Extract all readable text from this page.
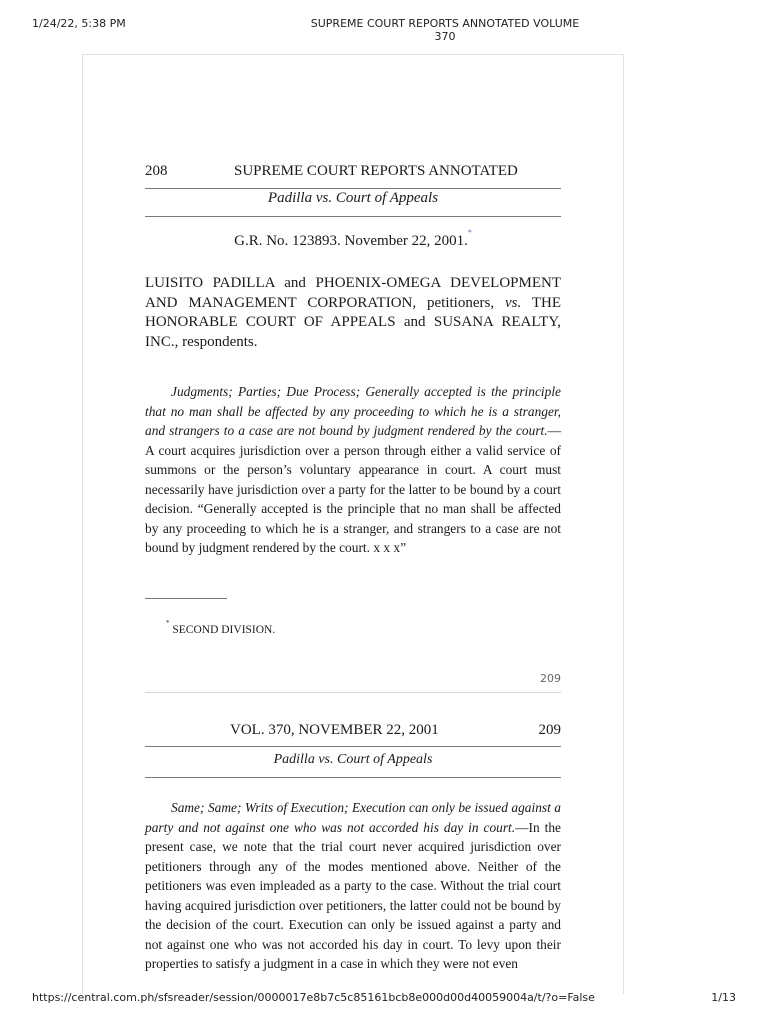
1/24/22, 5:38 PM	SUPREME COURT REPORTS ANNOTATED VOLUME 370
208	SUPREME COURT REPORTS ANNOTATED
Padilla vs. Court of Appeals
G.R. No. 123893. November 22, 2001.*
LUISITO PADILLA and PHOENIX-OMEGA DEVELOPMENT AND MANAGEMENT CORPORATION, petitioners, vs. THE HONORABLE COURT OF APPEALS and SUSANA REALTY, INC., respondents.
Judgments; Parties; Due Process; Generally accepted is the principle that no man shall be affected by any proceeding to which he is a stranger, and strangers to a case are not bound by judgment rendered by the court.—A court acquires jurisdiction over a person through either a valid service of summons or the person’s voluntary appearance in court. A court must necessarily have jurisdiction over a party for the latter to be bound by a court decision. “Generally accepted is the principle that no man shall be affected by any proceeding to which he is a stranger, and strangers to a case are not bound by judgment rendered by the court. x x x”
* SECOND DIVISION.
209
VOL. 370, NOVEMBER 22, 2001	209
Padilla vs. Court of Appeals
Same; Same; Writs of Execution; Execution can only be issued against a party and not against one who was not accorded his day in court.—In the present case, we note that the trial court never acquired jurisdiction over petitioners through any of the modes mentioned above. Neither of the petitioners was even impleaded as a party to the case. Without the trial court having acquired jurisdiction over petitioners, the latter could not be bound by the decision of the court. Execution can only be issued against a party and not against one who was not accorded his day in court. To levy upon their properties to satisfy a judgment in a case in which they were not even
https://central.com.ph/sfsreader/session/0000017e8b7c5c85161bcb8e000d00d40059004a/t/?o=False	1/13
